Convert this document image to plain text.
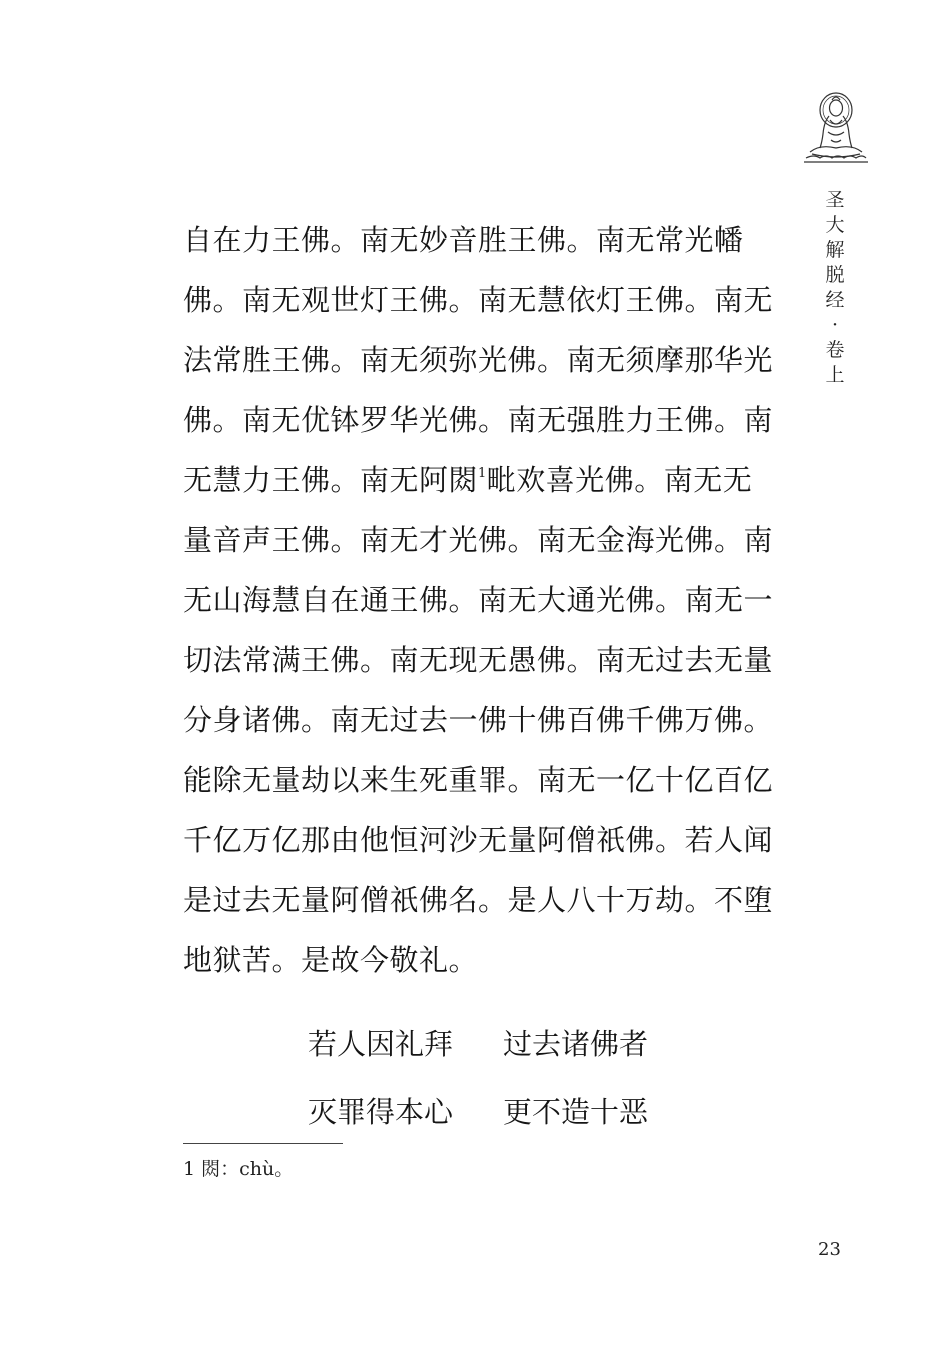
圣
大
解
脱
经
·
卷
上
自在力王佛。南无妙音胜王佛。南无常光幡
佛。南无观世灯王佛。南无慧依灯王佛。南无
法常胜王佛。南无须弥光佛。南无须摩那华光
佛。南无优钵罗华光佛。南无强胜力王佛。南
无慧力王佛。南无阿閦$^1$毗欢喜光佛。南无无
量音声王佛。南无才光佛。南无金海光佛。南
无山海慧自在通王佛。南无大通光佛。南无一
切法常满王佛。南无现无愚佛。南无过去无量
分身诸佛。南无过去一佛十佛百佛千佛万佛。
能除无量劫以来生死重罪。南无一亿十亿百亿
千亿万亿那由他恒河沙无量阿僧祇佛。若人闻
是过去无量阿僧祇佛名。是人八十万劫。不堕
地狱苦。是故今敬礼。
若人因礼拜	过去诸佛者
灭罪得本心	更不造十恶
1 閦：chù。
23
